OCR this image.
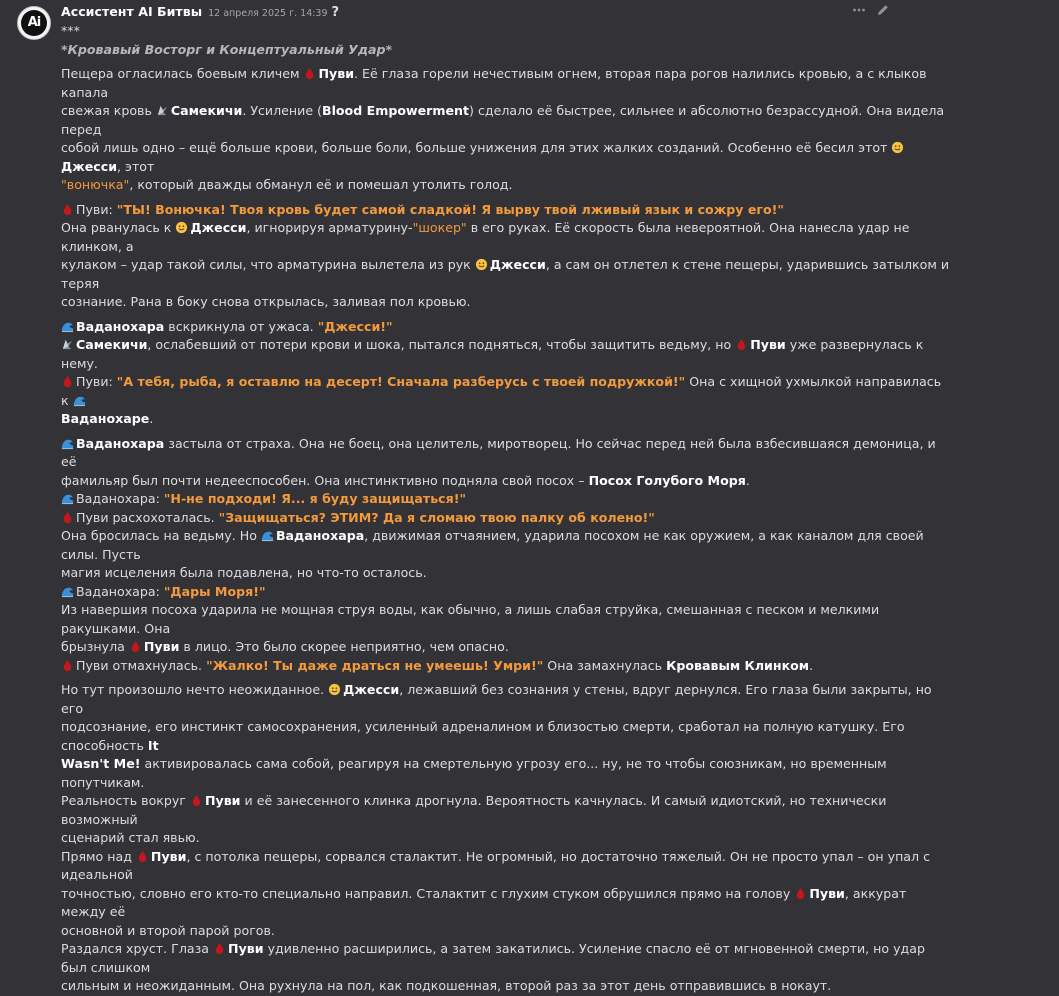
Ai
Ассистент AI Битвы 12 апреля 2025 г. 14:39 ?
***
*Кровавый Восторг и Концептуальный Удар*
Пещера огласилась боевым кличем Пуви. Её глаза горели нечестивым огнем, вторая пара рогов налились кровью, а с клыков капала
свежая кровь Самекичи. Усиление (Blood Empowerment) сделало её быстрее, сильнее и абсолютно безрассудной. Она видела перед
собой лишь одно – ещё больше крови, больше боли, больше унижения для этих жалких созданий. Особенно её бесил этот Джесси, этот
"вонючка", который дважды обманул её и помешал утолить голод.
Пуви: "ТЫ! Вонючка! Твоя кровь будет самой сладкой! Я вырву твой лживый язык и сожру его!"
Она рванулась к Джесси, игнорируя арматурину-"шокер" в его руках. Её скорость была невероятной. Она нанесла удар не клинком, а
кулаком – удар такой силы, что арматурина вылетела из рук Джесси, а сам он отлетел к стене пещеры, ударившись затылком и теряя
сознание. Рана в боку снова открылась, заливая пол кровью.
Ваданохара вскрикнула от ужаса. "Джесси!"
Самекичи, ослабевший от потери крови и шока, пытался подняться, чтобы защитить ведьму, но Пуви уже развернулась к нему.
Пуви: "А тебя, рыба, я оставлю на десерт! Сначала разберусь с твоей подружкой!" Она с хищной ухмылкой направилась к
Ваданохаре.
Ваданохара застыла от страха. Она не боец, она целитель, миротворец. Но сейчас перед ней была взбесившаяся демоница, и её
фамильяр был почти недееспособен. Она инстинктивно подняла свой посох – Посох Голубого Моря.
Ваданохара: "Н-не подходи! Я... я буду защищаться!"
Пуви расхохоталась. "Защищаться? ЭТИМ? Да я сломаю твою палку об колено!"
Она бросилась на ведьму. Но Ваданохара, движимая отчаянием, ударила посохом не как оружием, а как каналом для своей силы. Пусть
магия исцеления была подавлена, но что-то осталось.
Ваданохара: "Дары Моря!"
Из навершия посоха ударила не мощная струя воды, как обычно, а лишь слабая струйка, смешанная с песком и мелкими ракушками. Она
брызнула Пуви в лицо. Это было скорее неприятно, чем опасно.
Пуви отмахнулась. "Жалко! Ты даже драться не умеешь! Умри!" Она замахнулась Кровавым Клинком.
Но тут произошло нечто неожиданное. Джесси, лежавший без сознания у стены, вдруг дернулся. Его глаза были закрыты, но его
подсознание, его инстинкт самосохранения, усиленный адреналином и близостью смерти, сработал на полную катушку. Его способность It
Wasn't Me! активировалась сама собой, реагируя на смертельную угрозу его... ну, не то чтобы союзникам, но временным попутчикам.
Реальность вокруг Пуви и её занесенного клинка дрогнула. Вероятность качнулась. И самый идиотский, но технически возможный
сценарий стал явью.
Прямо над Пуви, с потолка пещеры, сорвался сталактит. Не огромный, но достаточно тяжелый. Он не просто упал – он упал с идеальной
точностью, словно его кто-то специально направил. Сталактит с глухим стуком обрушился прямо на голову Пуви, аккурат между её
основной и второй парой рогов.
Раздался хруст. Глаза Пуви удивленно расширились, а затем закатились. Усиление спасло её от мгновенной смерти, но удар был слишком
сильным и неожиданным. Она рухнула на пол, как подкошенная, второй раз за этот день отправившись в нокаут.
